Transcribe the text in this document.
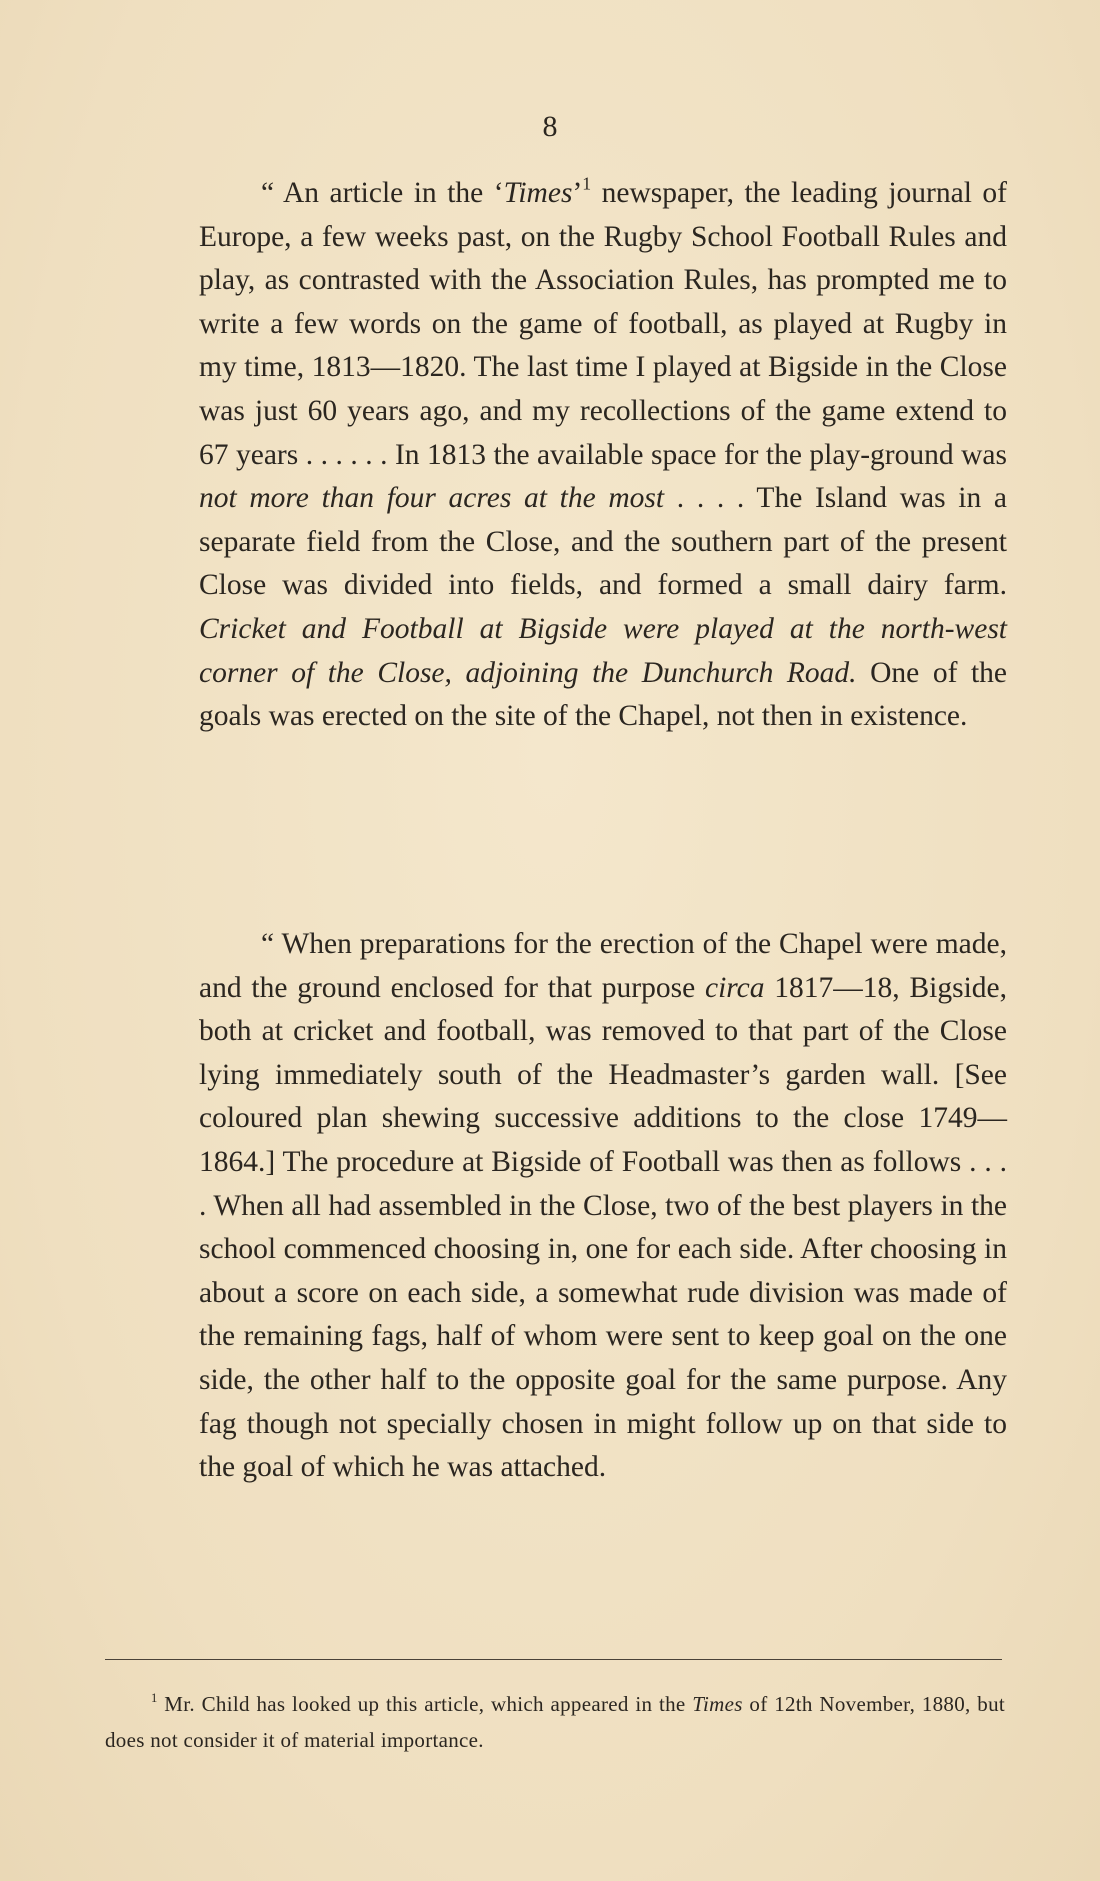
8

“ An article in the ‘Times’$^1$ newspaper, the leading journal of Europe, a few weeks past, on the Rugby School Football Rules and play, as contrasted with the Association Rules, has prompted me to write a few words on the game of football, as played at Rugby in my time, 1813—1820. The last time I played at Bigside in the Close was just 60 years ago, and my recollections of the game extend to 67 years . . . . . . In 1813 the available space for the play-ground was not more than four acres at the most . . . . The Island was in a separate field from the Close, and the southern part of the present Close was divided into fields, and formed a small dairy farm. Cricket and Football at Bigside were played at the north-west corner of the Close, adjoining the Dunchurch Road. One of the goals was erected on the site of the Chapel, not then in existence.

“ When preparations for the erection of the Chapel were made, and the ground enclosed for that purpose circa 1817—18, Bigside, both at cricket and football, was removed to that part of the Close lying immediately south of the Headmaster’s garden wall. [See coloured plan shewing successive additions to the close 1749—1864.] The procedure at Bigside of Football was then as follows . . . . When all had assembled in the Close, two of the best players in the school commenced choosing in, one for each side. After choosing in about a score on each side, a somewhat rude division was made of the remaining fags, half of whom were sent to keep goal on the one side, the other half to the opposite goal for the same purpose. Any fag though not specially chosen in might follow up on that side to the goal of which he was attached.

$^1$ Mr. Child has looked up this article, which appeared in the Times of 12th November, 1880, but does not consider it of material importance.
